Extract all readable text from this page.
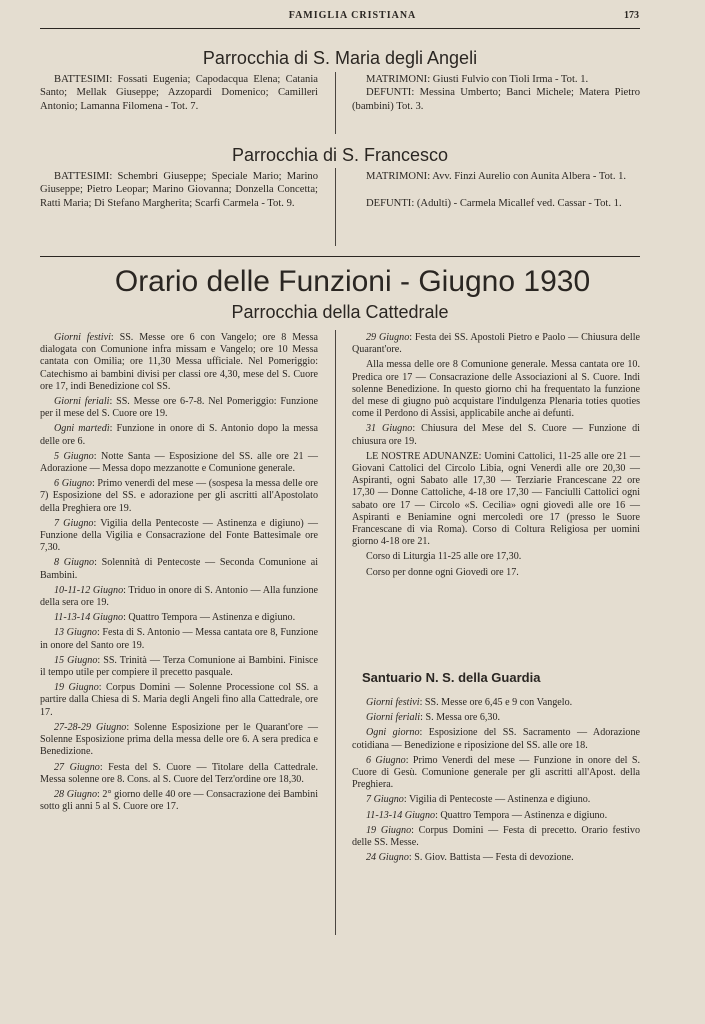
FAMIGLIA CRISTIANA	173
Parrocchia di S. Maria degli Angeli

BATTESIMI: Fossati Eugenia; Capodacqua Elena; Catania Santo; Mellak Giuseppe; Azzopardi Domenico; Camilleri Antonio; Lamanna Filomena - Tot. 7.

MATRIMONI: Giusti Fulvio con Tioli Irma - Tot. 1.

DEFUNTI: Messina Umberto; Banci Michele; Matera Pietro (bambini) Tot. 3.

Parrocchia di S. Francesco

BATTESIMI: Schembri Giuseppe; Speciale Mario; Marino Giuseppe; Pietro Leopar; Marino Giovanna; Donzella Concetta; Ratti Maria; Di Stefano Margherita; Scarfi Carmela - Tot. 9.

MATRIMONI: Avv. Finzi Aurelio con Aunita Albera - Tot. 1.

DEFUNTI: (Adulti) - Carmela Micallef ved. Cassar - Tot. 1.

Orario delle Funzioni - Giugno 1930
Parrocchia della Cattedrale

Giorni festivi: SS. Messe ore 6 con Vangelo; ore 8 Messa dialogata con Comunione infra missam e Vangelo; ore 10 Messa cantata con Omilia; ore 11,30 Messa ufficiale. Nel Pomeriggio: Catechismo ai bambini divisi per classi ore 4,30, mese del S. Cuore ore 17, indi Benedizione col SS.

Giorni feriali: SS. Messe ore 6-7-8. Nel Pomeriggio: Funzione per il mese del S. Cuore ore 19.

Ogni martedì: Funzione in onore di S. Antonio dopo la messa delle ore 6.

5 Giugno: Notte Santa — Esposizione del SS. alle ore 21 — Adorazione — Messa dopo mezzanotte e Comunione generale.

6 Giugno: Primo venerdì del mese — (sospesa la messa delle ore 7) Esposizione del SS. e adorazione per gli ascritti all'Apostolato della Preghiera ore 19.

7 Giugno: Vigilia della Pentecoste — Astinenza e digiuno) — Funzione della Vigilia e Consacrazione del Fonte Battesimale ore 7,30.

8 Giugno: Solennità di Pentecoste — Seconda Comunione ai Bambini.

10-11-12 Giugno: Triduo in onore di S. Antonio — Alla funzione della sera ore 19.

11-13-14 Giugno: Quattro Tempora — Astinenza e digiuno.

13 Giugno: Festa di S. Antonio — Messa cantata ore 8, Funzione in onore del Santo ore 19.

15 Giugno: SS. Trinità — Terza Comunione ai Bambini. Finisce il tempo utile per compiere il precetto pasquale.

19 Giugno: Corpus Domini — Solenne Processione col SS. a partire dalla Chiesa di S. Maria degli Angeli fino alla Cattedrale, ore 17.

27-28-29 Giugno: Solenne Esposizione per le Quarant'ore — Solenne Esposizione prima della messa delle ore 6. A sera predica e Benedizione.

27 Giugno: Festa del S. Cuore — Titolare della Cattedrale. Messa solenne ore 8. Cons. al S. Cuore del Terz'ordine ore 18,30.

28 Giugno: 2° giorno delle 40 ore — Consacrazione dei Bambini sotto gli anni 5 al S. Cuore ore 17.

29 Giugno: Festa dei SS. Apostoli Pietro e Paolo — Chiusura delle Quarant'ore.

Alla messa delle ore 8 Comunione generale. Messa cantata ore 10. Predica ore 17 — Consacrazione delle Associazioni al S. Cuore. Indi solenne Benedizione. In questo giorno chi ha frequentato la funzione del mese di giugno può acquistare l'indulgenza Plenaria toties quoties come il Perdono di Assisi, applicabile anche ai defunti.

31 Giugno: Chiusura del Mese del S. Cuore — Funzione di chiusura ore 19.

LE NOSTRE ADUNANZE: Uomini Cattolici, 11-25 alle ore 21 — Giovani Cattolici del Circolo Libia, ogni Venerdì alle ore 20,30 — Aspiranti, ogni Sabato alle 17,30 — Terziarie Francescane 22 ore 17,30 — Donne Cattoliche, 4-18 ore 17,30 — Fanciulli Cattolici ogni sabato ore 17 — Circolo «S. Cecilia» ogni giovedì alle ore 16 — Aspiranti e Beniamine ogni mercoledì ore 17 (presso le Suore Francescane di via Roma). Corso di Coltura Religiosa per uomini giorno 4-18 ore 21.

Corso di Liturgia 11-25 alle ore 17,30.

Corso per donne ogni Giovedì ore 17.

Santuario N. S. della Guardia

Giorni festivi: SS. Messe ore 6,45 e 9 con Vangelo.

Giorni feriali: S. Messa ore 6,30.

Ogni giorno: Esposizione del SS. Sacramento — Adorazione cotidiana — Benedizione e riposizione del SS. alle ore 18.

6 Giugno: Primo Venerdì del mese — Funzione in onore del S. Cuore di Gesù. Comunione generale per gli ascritti all'Apost. della Preghiera.

7 Giugno: Vigilia di Pentecoste — Astinenza e digiuno.

11-13-14 Giugno: Quattro Tempora — Astinenza e digiuno.

19 Giugno: Corpus Domini — Festa di precetto. Orario festivo delle SS. Messe.

24 Giugno: S. Giov. Battista — Festa di devozione.
